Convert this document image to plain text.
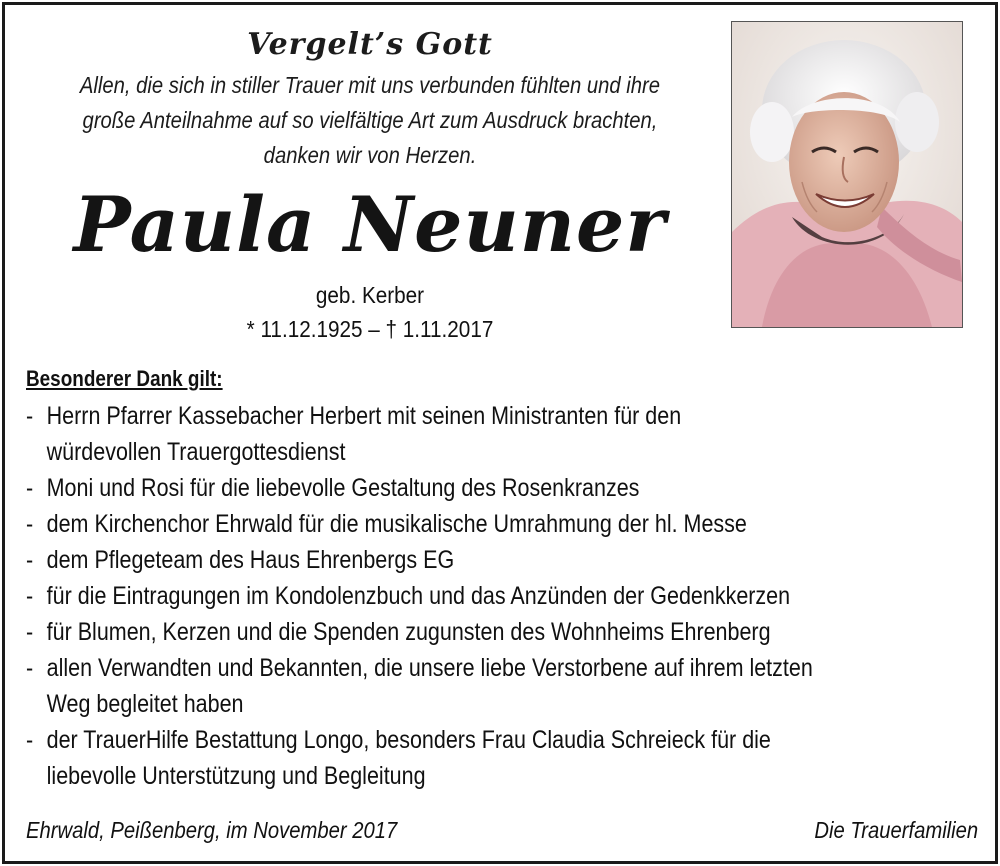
Vergelt’s Gott
Allen, die sich in stiller Trauer mit uns verbunden fühlten und ihre
große Anteilnahme auf so vielfältige Art zum Ausdruck brachten,
danken wir von Herzen.
Paula Neuner
geb. Kerber
* 11.12.1925 – † 1.11.2017
Besonderer Dank gilt:
- Herrn Pfarrer Kassebacher Herbert mit seinen Ministranten für den
würdevollen Trauergottesdienst
- Moni und Rosi für die liebevolle Gestaltung des Rosenkranzes
- dem Kirchenchor Ehrwald für die musikalische Umrahmung der hl. Messe
- dem Pflegeteam des Haus Ehrenbergs EG
- für die Eintragungen im Kondolenzbuch und das Anzünden der Gedenkkerzen
- für Blumen, Kerzen und die Spenden zugunsten des Wohnheims Ehrenberg
- allen Verwandten und Bekannten, die unsere liebe Verstorbene auf ihrem letzten
Weg begleitet haben
- der TrauerHilfe Bestattung Longo, besonders Frau Claudia Schreieck für die
liebevolle Unterstützung und Begleitung
Ehrwald, Peißenberg, im November 2017	Die Trauerfamilien
